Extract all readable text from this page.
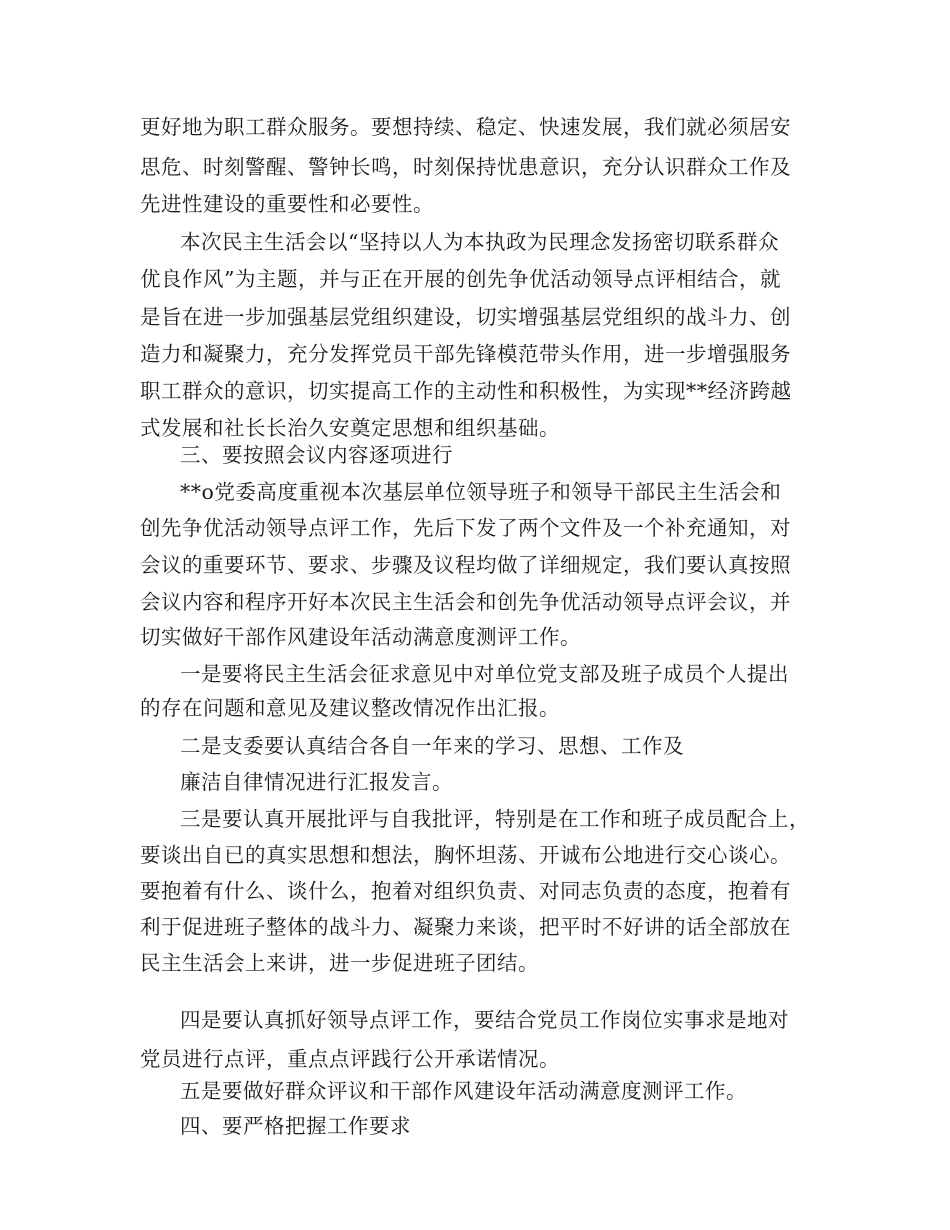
更好地为职工群众服务。要想持续、稳定、快速发展，我们就必须居安
思危、时刻警醒、警钟长鸣，时刻保持忧患意识，充分认识群众工作及
先进性建设的重要性和必要性。
本次民主生活会以“坚持以人为本执政为民理念发扬密切联系群众
优良作风”为主题，并与正在开展的创先争优活动领导点评相结合，就
是旨在进一步加强基层党组织建设，切实增强基层党组织的战斗力、创
造力和凝聚力，充分发挥党员干部先锋模范带头作用，进一步增强服务
职工群众的意识，切实提高工作的主动性和积极性，为实现**经济跨越
式发展和社长长治久安奠定思想和组织基础。
三、要按照会议内容逐项进行
**o党委高度重视本次基层单位领导班子和领导干部民主生活会和
创先争优活动领导点评工作，先后下发了两个文件及一个补充通知，对
会议的重要环节、要求、步骤及议程均做了详细规定，我们要认真按照
会议内容和程序开好本次民主生活会和创先争优活动领导点评会议，并
切实做好干部作风建设年活动满意度测评工作。
一是要将民主生活会征求意见中对单位党支部及班子成员个人提出
的存在问题和意见及建议整改情况作出汇报。
二是支委要认真结合各自一年来的学习、思想、工作及
廉洁自律情况进行汇报发言。
三是要认真开展批评与自我批评，特别是在工作和班子成员配合上，
要谈出自已的真实思想和想法，胸怀坦荡、开诚布公地进行交心谈心。
要抱着有什么、谈什么，抱着对组织负责、对同志负责的态度，抱着有
利于促进班子整体的战斗力、凝聚力来谈，把平时不好讲的话全部放在
民主生活会上来讲，进一步促进班子团结。
四是要认真抓好领导点评工作，要结合党员工作岗位实事求是地对
党员进行点评，重点点评践行公开承诺情况。
五是要做好群众评议和干部作风建设年活动满意度测评工作。
四、要严格把握工作要求
